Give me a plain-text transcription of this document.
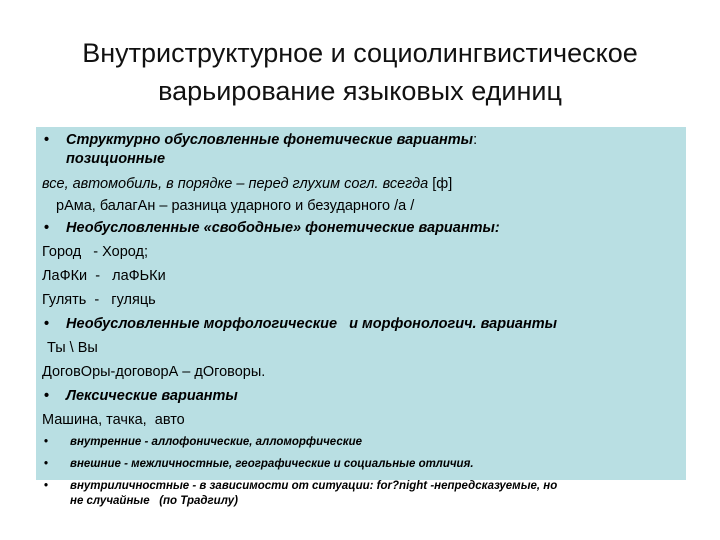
Внутриструктурное и социолингвистическое
варьирование языковых единиц
• Структурно обусловленные фонетические варианты:
позиционные
все, автомобиль, в порядке – перед глухим согл. всегда [ф]
рАма, балагАн – разница ударного и безударного /а /
• Необусловленные «свободные» фонетические варианты:
Город   - Хород;
ЛаФКи  -   лаФЬКи
Гулять  -   гуляць
• Необусловленные морфологические   и морфонологич. варианты
Ты \ Вы
ДоговОры-договорА – дОговоры.
• Лексические варианты
Машина, тачка,  авто
• внутренние - аллофонические, алломорфические
• внешние - межличностные, географические и социальные отличия.
• внутриличностные - в зависимости от ситуации: for?night -непредсказуемые, но
не случайные   (по Традгилу)
